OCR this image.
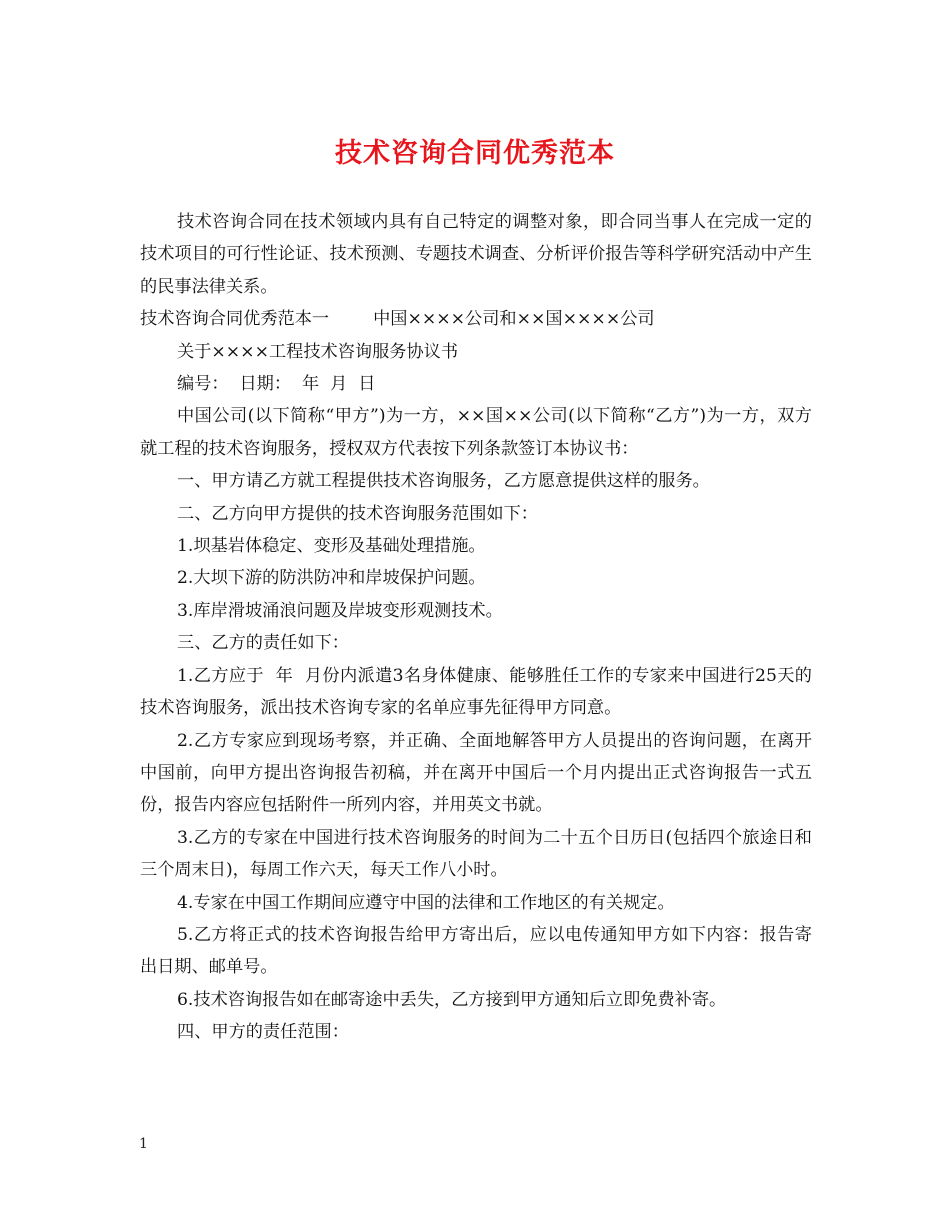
技术咨询合同优秀范本

技术咨询合同在技术领域内具有自己特定的调整对象，即合同当事人在完成一定的技术项目的可行性论证、技术预测、专题技术调查、分析评价报告等科学研究活动中产生的民事法律关系。

技术咨询合同优秀范本一	中国××××公司和××国××××公司

关于××××工程技术咨询服务协议书

编号：  日期：  年  月  日

中国公司(以下简称“甲方”)为一方，××国××公司(以下简称“乙方”)为一方，双方就工程的技术咨询服务，授权双方代表按下列条款签订本协议书：

一、甲方请乙方就工程提供技术咨询服务，乙方愿意提供这样的服务。

二、乙方向甲方提供的技术咨询服务范围如下：

1.坝基岩体稳定、变形及基础处理措施。

2.大坝下游的防洪防冲和岸坡保护问题。

3.库岸滑坡涌浪问题及岸坡变形观测技术。

三、乙方的责任如下：

1.乙方应于  年  月份内派遣3名身体健康、能够胜任工作的专家来中国进行25天的技术咨询服务，派出技术咨询专家的名单应事先征得甲方同意。

2.乙方专家应到现场考察，并正确、全面地解答甲方人员提出的咨询问题，在离开中国前，向甲方提出咨询报告初稿，并在离开中国后一个月内提出正式咨询报告一式五份，报告内容应包括附件一所列内容，并用英文书就。

3.乙方的专家在中国进行技术咨询服务的时间为二十五个日历日(包括四个旅途日和三个周末日)，每周工作六天，每天工作八小时。

4.专家在中国工作期间应遵守中国的法律和工作地区的有关规定。

5.乙方将正式的技术咨询报告给甲方寄出后，应以电传通知甲方如下内容：报告寄出日期、邮单号。

6.技术咨询报告如在邮寄途中丢失，乙方接到甲方通知后立即免费补寄。

四、甲方的责任范围：

1
